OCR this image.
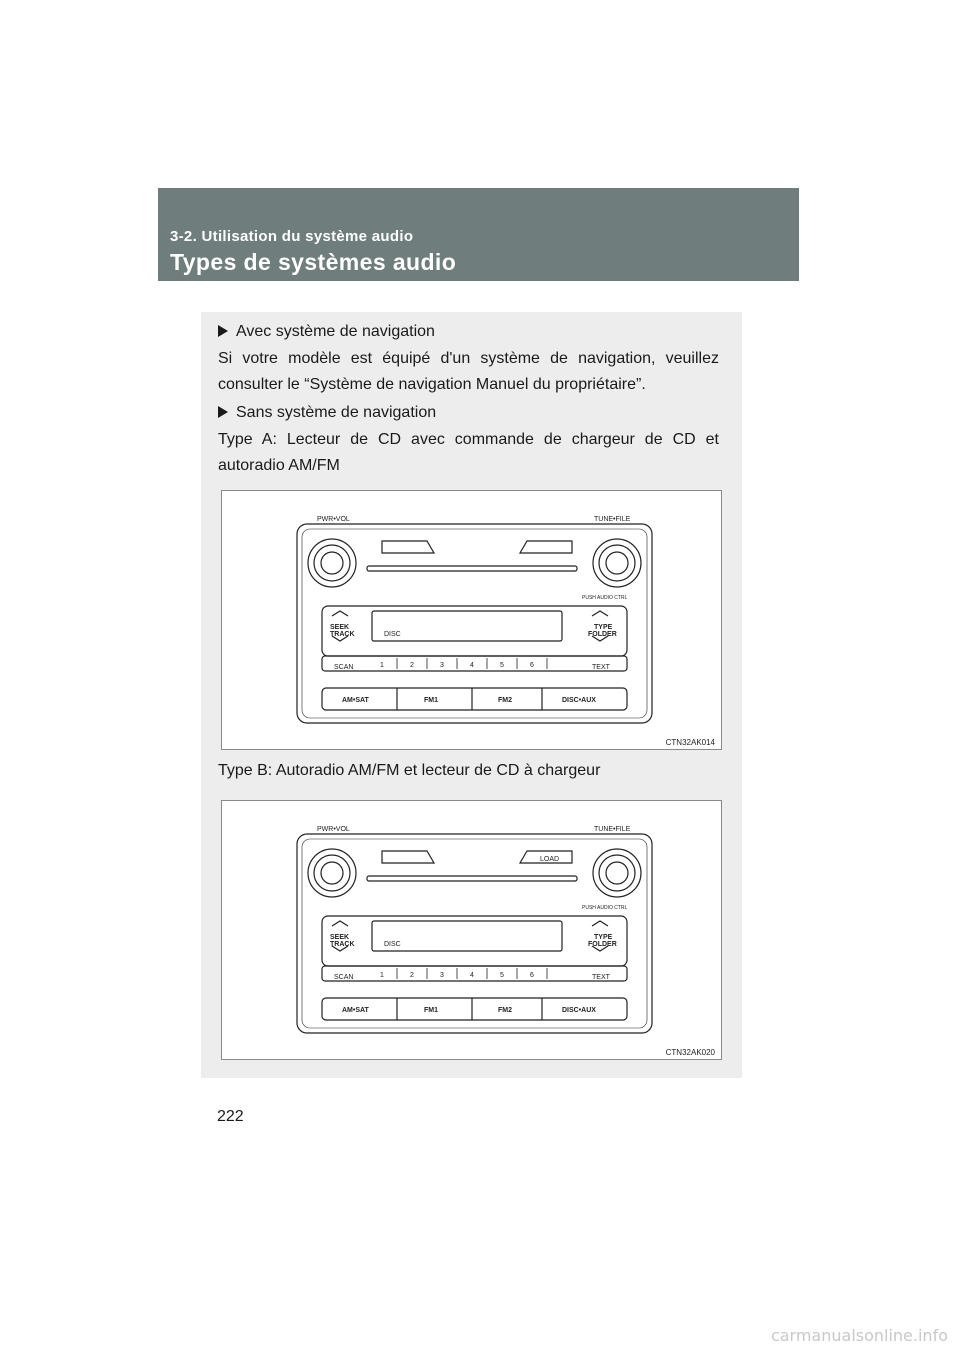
3-2. Utilisation du système audio
Types de systèmes audio
Avec système de navigation
Si votre modèle est équipé d'un système de navigation, veuillez consulter le “Système de navigation Manuel du propriétaire”.
Sans système de navigation
Type A: Lecteur de CD avec commande de chargeur de CD et autoradio AM/FM
PWR•VOL	TUNE•FILE
PUSH AUDIO CTRL
SEEK
TRACK
TYPE
FOLDER
DISC
SCAN	TEXT
1	2	3	4	5	6
AM•SAT	FM1	FM2	DISC•AUX
CTN32AK014
Type B: Autoradio AM/FM et lecteur de CD à chargeur
PWR•VOL	TUNE•FILE
LOAD
PUSH AUDIO CTRL
SEEK
TRACK
TYPE
FOLDER
DISC
SCAN	TEXT
1	2	3	4	5	6
AM•SAT	FM1	FM2	DISC•AUX
CTN32AK020
222
carmanualsonline.info
